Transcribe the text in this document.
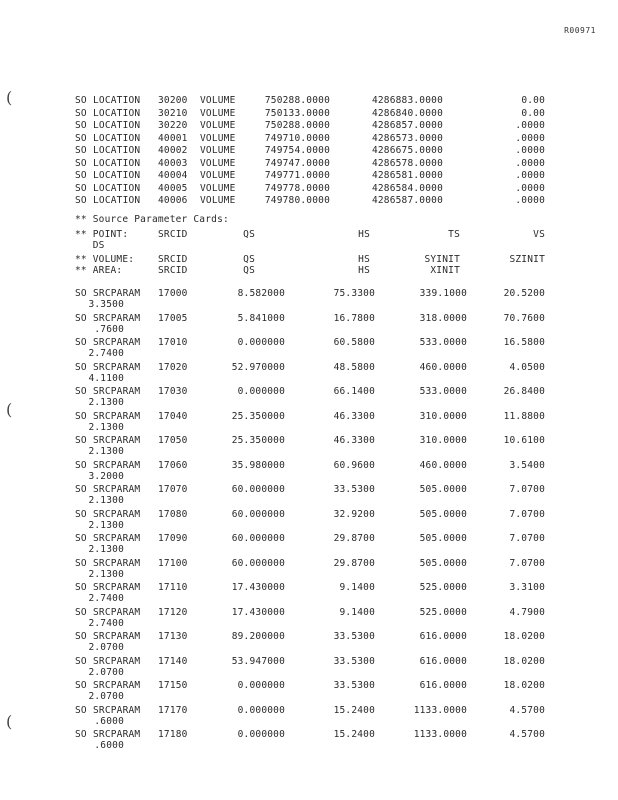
R00971
(
(
(
SO LOCATION 30200 VOLUME	750288.0000	4286883.0000	0.00
SO LOCATION 30210 VOLUME	750133.0000	4286840.0000	0.00
SO LOCATION 30220 VOLUME	750288.0000	4286857.0000	.0000
SO LOCATION 40001 VOLUME	749710.0000	4286573.0000	.0000
SO LOCATION 40002 VOLUME	749754.0000	4286675.0000	.0000
SO LOCATION 40003 VOLUME	749747.0000	4286578.0000	.0000
SO LOCATION 40004 VOLUME	749771.0000	4286581.0000	.0000
SO LOCATION 40005 VOLUME	749778.0000	4286584.0000	.0000
SO LOCATION 40006 VOLUME	749780.0000	4286587.0000	.0000
** Source Parameter Cards:
** POINT:	SRCID	QS	HS	TS	VS
DS
** VOLUME:	SRCID	QS	HS	SYINIT	SZINIT
** AREA:	SRCID	QS	HS	XINIT
SO SRCPARAM 17000	8.582000	75.3300	339.1000	20.5200
3.3500
SO SRCPARAM 17005	5.841000	16.7800	318.0000	70.7600
.7600
SO SRCPARAM 17010	0.000000	60.5800	533.0000	16.5800
2.7400
SO SRCPARAM 17020	52.970000	48.5800	460.0000	4.0500
4.1100
SO SRCPARAM 17030	0.000000	66.1400	533.0000	26.8400
2.1300
SO SRCPARAM 17040	25.350000	46.3300	310.0000	11.8800
2.1300
SO SRCPARAM 17050	25.350000	46.3300	310.0000	10.6100
2.1300
SO SRCPARAM 17060	35.980000	60.9600	460.0000	3.5400
3.2000
SO SRCPARAM 17070	60.000000	33.5300	505.0000	7.0700
2.1300
SO SRCPARAM 17080	60.000000	32.9200	505.0000	7.0700
2.1300
SO SRCPARAM 17090	60.000000	29.8700	505.0000	7.0700
2.1300
SO SRCPARAM 17100	60.000000	29.8700	505.0000	7.0700
2.1300
SO SRCPARAM 17110	17.430000	9.1400	525.0000	3.3100
2.7400
SO SRCPARAM 17120	17.430000	9.1400	525.0000	4.7900
2.7400
SO SRCPARAM 17130	89.200000	33.5300	616.0000	18.0200
2.0700
SO SRCPARAM 17140	53.947000	33.5300	616.0000	18.0200
2.0700
SO SRCPARAM 17150	0.000000	33.5300	616.0000	18.0200
2.0700
SO SRCPARAM 17170	0.000000	15.2400	1133.0000	4.5700
.6000
SO SRCPARAM 17180	0.000000	15.2400	1133.0000	4.5700
.6000
